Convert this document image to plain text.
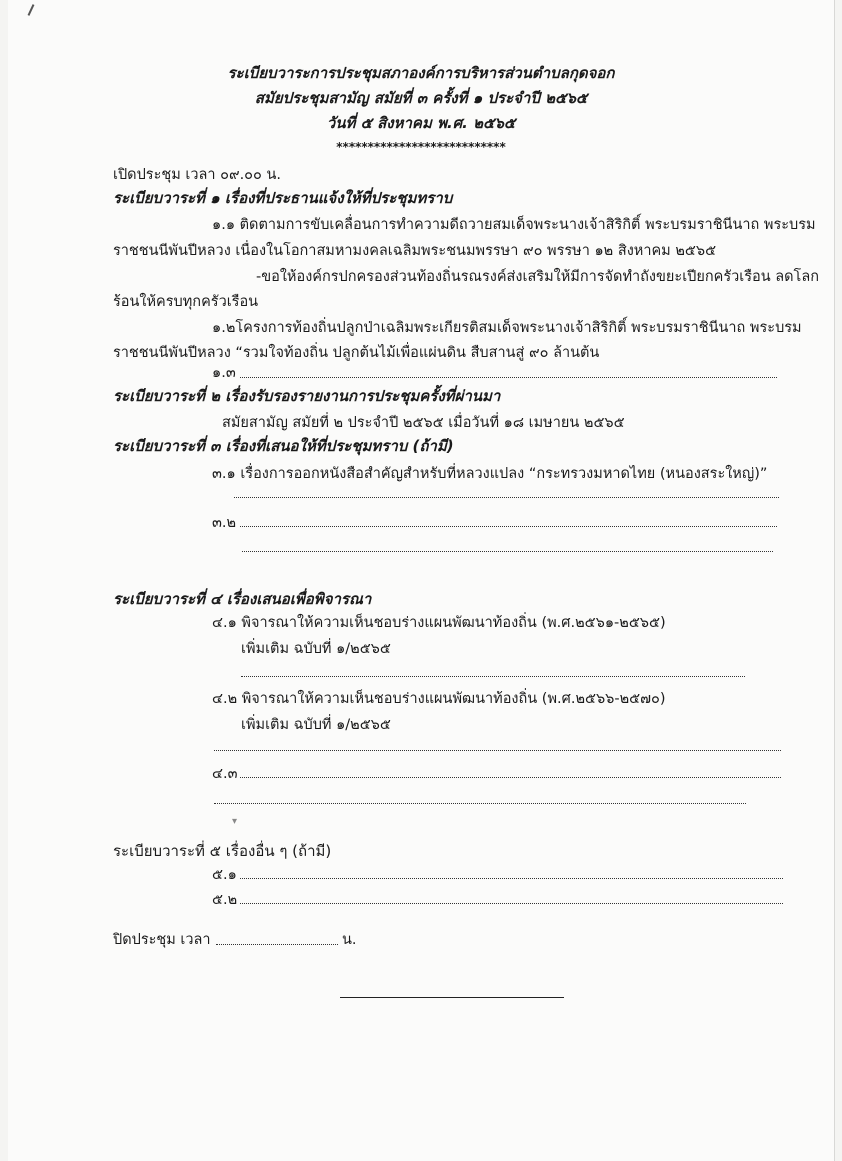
ระเบียบวาระการประชุมสภาองค์การบริหารส่วนตำบลกุดจอก
สมัยประชุมสามัญ สมัยที่ ๓ ครั้งที่ ๑ ประจำปี ๒๕๖๕
วันที่ ๕ สิงหาคม พ.ศ. ๒๕๖๕
***************************
เปิดประชุม เวลา ๐๙.๐๐ น.
ระเบียบวาระที่ ๑ เรื่องที่ประธานแจ้งให้ที่ประชุมทราบ
๑.๑ ติดตามการขับเคลื่อนการทำความดีถวายสมเด็จพระนางเจ้าสิริกิติ์ พระบรมราชินีนาถ พระบรม
ราชชนนีพันปีหลวง เนื่องในโอกาสมหามงคลเฉลิมพระชนมพรรษา ๙๐ พรรษา ๑๒ สิงหาคม ๒๕๖๕
-ขอให้องค์กรปกครองส่วนท้องถิ่นรณรงค์ส่งเสริมให้มีการจัดทำถังขยะเปียกครัวเรือน ลดโลก
ร้อนให้ครบทุกครัวเรือน
๑.๒โครงการท้องถิ่นปลูกป่าเฉลิมพระเกียรติสมเด็จพระนางเจ้าสิริกิติ์ พระบรมราชินีนาถ พระบรม
ราชชนนีพันปีหลวง “รวมใจท้องถิ่น ปลูกต้นไม้เพื่อแผ่นดิน สืบสานสู่ ๙๐ ล้านต้น
๑.๓
ระเบียบวาระที่ ๒ เรื่องรับรองรายงานการประชุมครั้งที่ผ่านมา
สมัยสามัญ สมัยที่ ๒ ประจำปี ๒๕๖๕ เมื่อวันที่ ๑๘ เมษายน ๒๕๖๕
ระเบียบวาระที่ ๓ เรื่องที่เสนอให้ที่ประชุมทราบ (ถ้ามี)
๓.๑ เรื่องการออกหนังสือสำคัญสำหรับที่หลวงแปลง “กระทรวงมหาดไทย (หนองสระใหญ่)”
๓.๒
ระเบียบวาระที่ ๔ เรื่องเสนอเพื่อพิจารณา
๔.๑ พิจารณาให้ความเห็นชอบร่างแผนพัฒนาท้องถิ่น (พ.ศ.๒๕๖๑-๒๕๖๕)
เพิ่มเติม ฉบับที่ ๑/๒๕๖๕
๔.๒ พิจารณาให้ความเห็นชอบร่างแผนพัฒนาท้องถิ่น (พ.ศ.๒๕๖๖-๒๕๗๐)
เพิ่มเติม ฉบับที่ ๑/๒๕๖๕
๔.๓
▾
ระเบียบวาระที่ ๕ เรื่องอื่น ๆ (ถ้ามี)
๕.๑
๕.๒
ปิดประชุม เวลา	น.
